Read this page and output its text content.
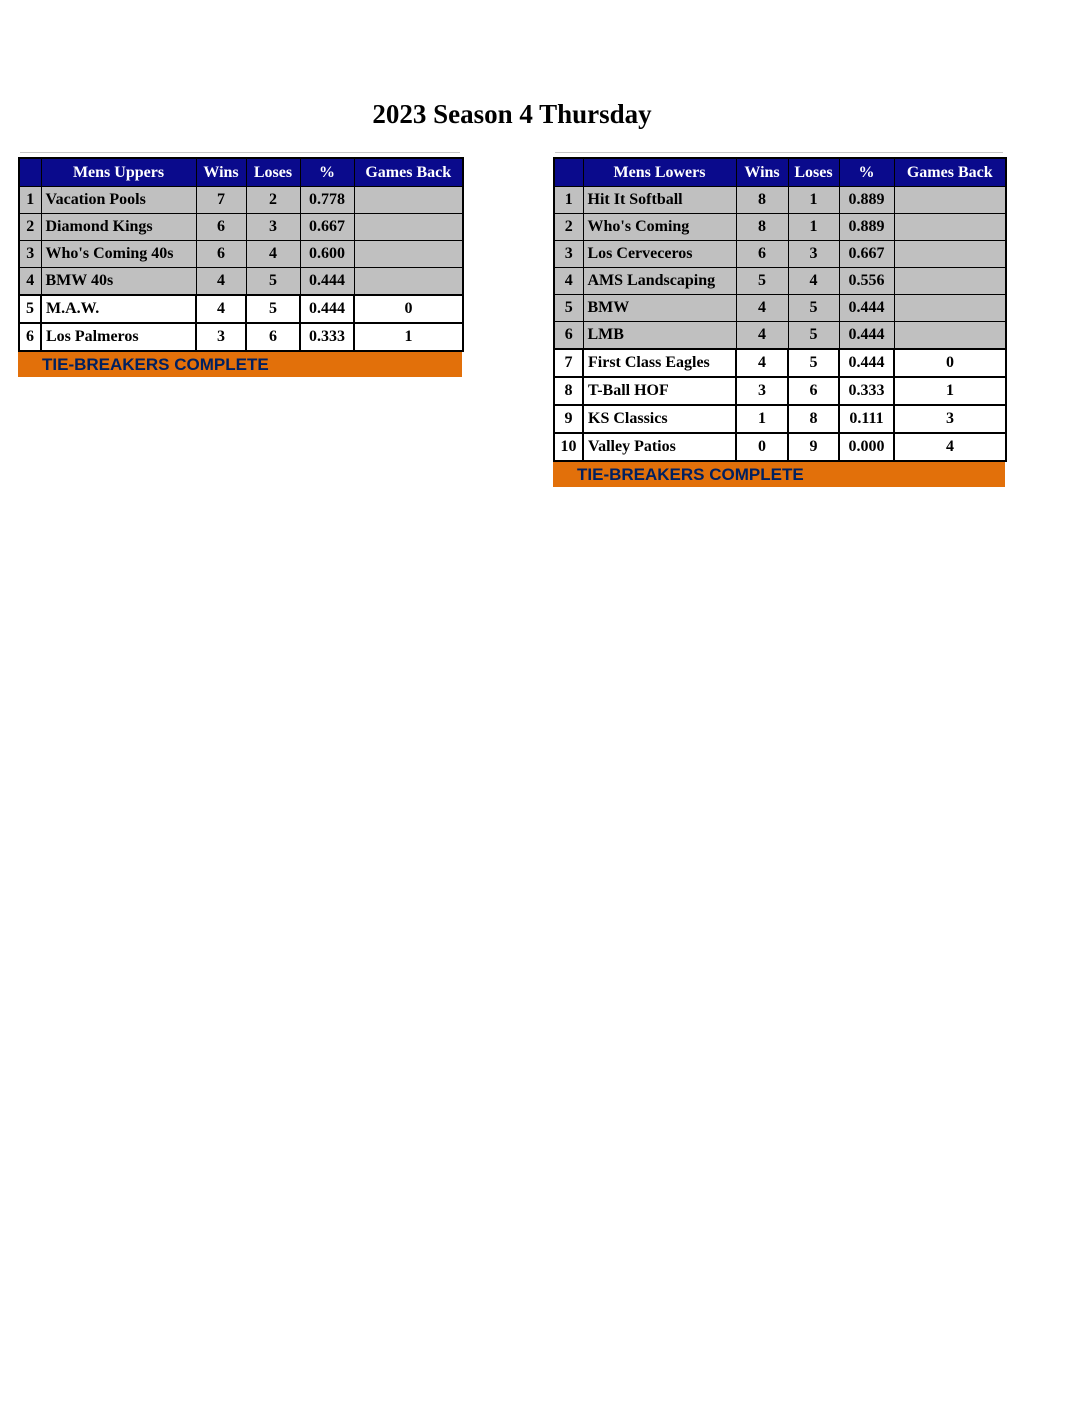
2023 Season 4 Thursday
	Mens Uppers	Wins	Loses	%	Games Back
1	Vacation Pools	7	2	0.778	
2	Diamond Kings	6	3	0.667	
3	Who's Coming 40s	6	4	0.600	
4	BMW 40s	4	5	0.444	
5	M.A.W.	4	5	0.444	0
6	Los Palmeros	3	6	0.333	1
TIE-BREAKERS COMPLETE
	Mens Lowers	Wins	Loses	%	Games Back
1	Hit It Softball	8	1	0.889	
2	Who's Coming	8	1	0.889	
3	Los Cerveceros	6	3	0.667	
4	AMS Landscaping	5	4	0.556	
5	BMW	4	5	0.444	
6	LMB	4	5	0.444	
7	First Class Eagles	4	5	0.444	0
8	T-Ball HOF	3	6	0.333	1
9	KS Classics	1	8	0.111	3
10	Valley Patios	0	9	0.000	4
TIE-BREAKERS COMPLETE
